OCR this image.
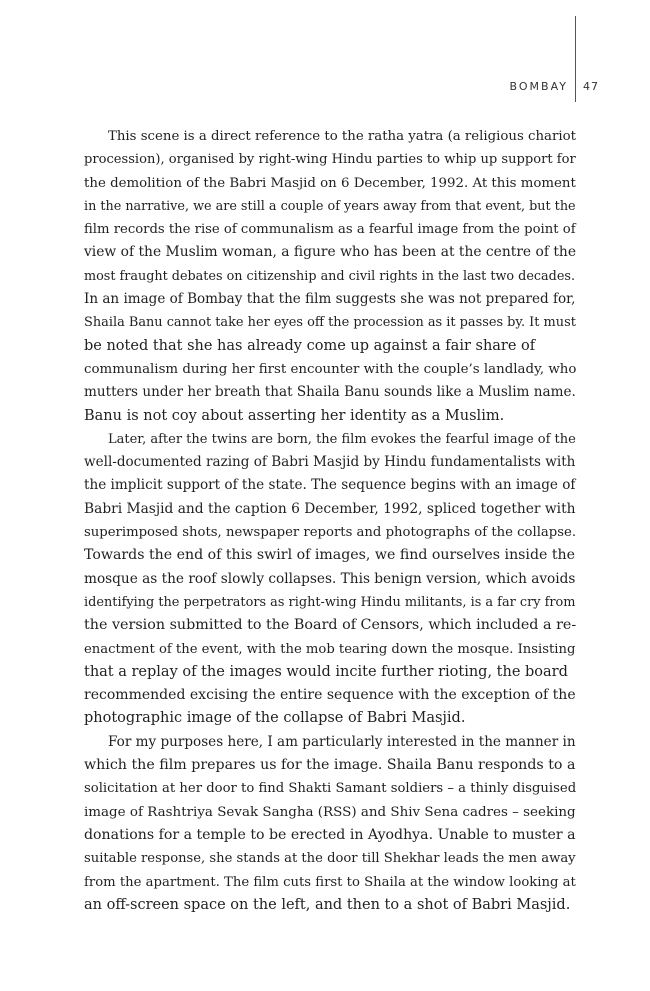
BOMBAY 47
This scene is a direct reference to the ratha yatra (a religious chariot
procession), organised by right-wing Hindu parties to whip up support for
the demolition of the Babri Masjid on 6 December, 1992. At this moment
in the narrative, we are still a couple of years away from that event, but the
film records the rise of communalism as a fearful image from the point of
view of the Muslim woman, a figure who has been at the centre of the
most fraught debates on citizenship and civil rights in the last two decades.
In an image of Bombay that the film suggests she was not prepared for,
Shaila Banu cannot take her eyes off the procession as it passes by. It must
be noted that she has already come up against a fair share of
communalism during her first encounter with the couple’s landlady, who
mutters under her breath that Shaila Banu sounds like a Muslim name.
Banu is not coy about asserting her identity as a Muslim.
Later, after the twins are born, the film evokes the fearful image of the
well-documented razing of Babri Masjid by Hindu fundamentalists with
the implicit support of the state. The sequence begins with an image of
Babri Masjid and the caption 6 December, 1992, spliced together with
superimposed shots, newspaper reports and photographs of the collapse.
Towards the end of this swirl of images, we find ourselves inside the
mosque as the roof slowly collapses. This benign version, which avoids
identifying the perpetrators as right-wing Hindu militants, is a far cry from
the version submitted to the Board of Censors, which included a re-
enactment of the event, with the mob tearing down the mosque. Insisting
that a replay of the images would incite further rioting, the board
recommended excising the entire sequence with the exception of the
photographic image of the collapse of Babri Masjid.
For my purposes here, I am particularly interested in the manner in
which the film prepares us for the image. Shaila Banu responds to a
solicitation at her door to find Shakti Samant soldiers – a thinly disguised
image of Rashtriya Sevak Sangha (RSS) and Shiv Sena cadres – seeking
donations for a temple to be erected in Ayodhya. Unable to muster a
suitable response, she stands at the door till Shekhar leads the men away
from the apartment. The film cuts first to Shaila at the window looking at
an off-screen space on the left, and then to a shot of Babri Masjid.
